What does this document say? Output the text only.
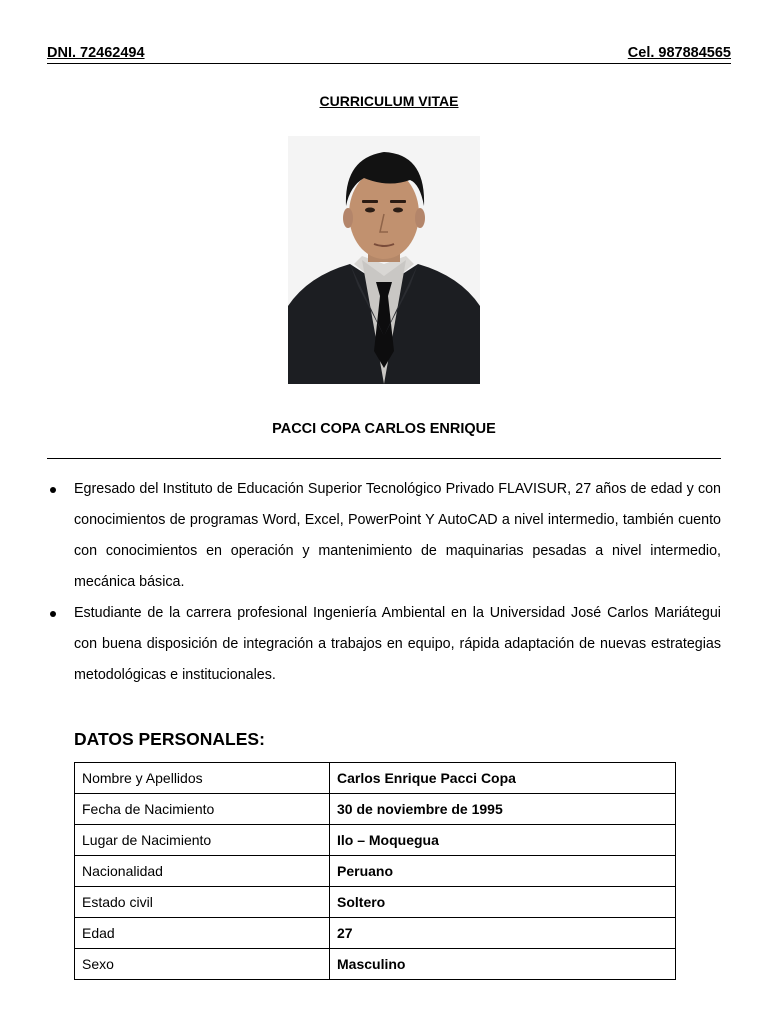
DNI. 72462494	Cel. 987884565
CURRICULUM VITAE
PACCI COPA CARLOS ENRIQUE
Egresado del Instituto de Educación Superior Tecnológico Privado FLAVISUR, 27 años de edad y con conocimientos de programas Word, Excel, PowerPoint Y AutoCAD a nivel intermedio, también cuento con conocimientos en operación y mantenimiento de maquinarias pesadas a nivel intermedio, mecánica básica.
Estudiante de la carrera profesional Ingeniería Ambiental en la Universidad José Carlos Mariátegui con buena disposición de integración a trabajos en equipo, rápida adaptación de nuevas estrategias metodológicas e institucionales.
DATOS PERSONALES:
Nombre y Apellidos	Carlos Enrique Pacci Copa
Fecha de Nacimiento	30 de noviembre de 1995
Lugar de Nacimiento	Ilo – Moquegua
Nacionalidad	Peruano
Estado civil	Soltero
Edad	27
Sexo	Masculino
